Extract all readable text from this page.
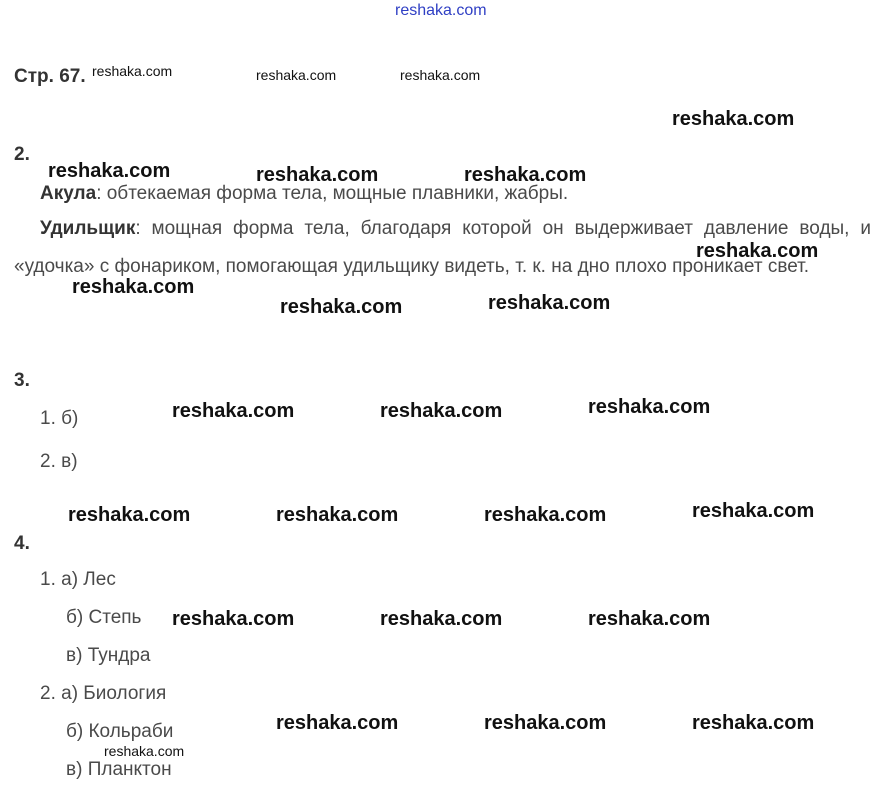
reshaka.com
Стр. 67.
2.
Акула: обтекаемая форма тела, мощные плавники, жабры.
Удильщик: мощная форма тела, благодаря которой он выдерживает давление воды, и «удочка» с фонариком, помогающая удильщику видеть, т. к. на дно плохо проникает свет.
3.
1. б)
2. в)
4.
1. а) Лес
б) Степь
в) Тундра
2. а) Биология
б) Кольраби
в) Планктон
reshaka.com	reshaka.com	reshaka.com
reshaka.com
reshaka.com
reshaka.com	reshaka.com	reshaka.com
reshaka.com
reshaka.com
reshaka.com	reshaka.com
reshaka.com	reshaka.com	reshaka.com
reshaka.com	reshaka.com	reshaka.com	reshaka.com
reshaka.com	reshaka.com	reshaka.com
reshaka.com	reshaka.com	reshaka.com
